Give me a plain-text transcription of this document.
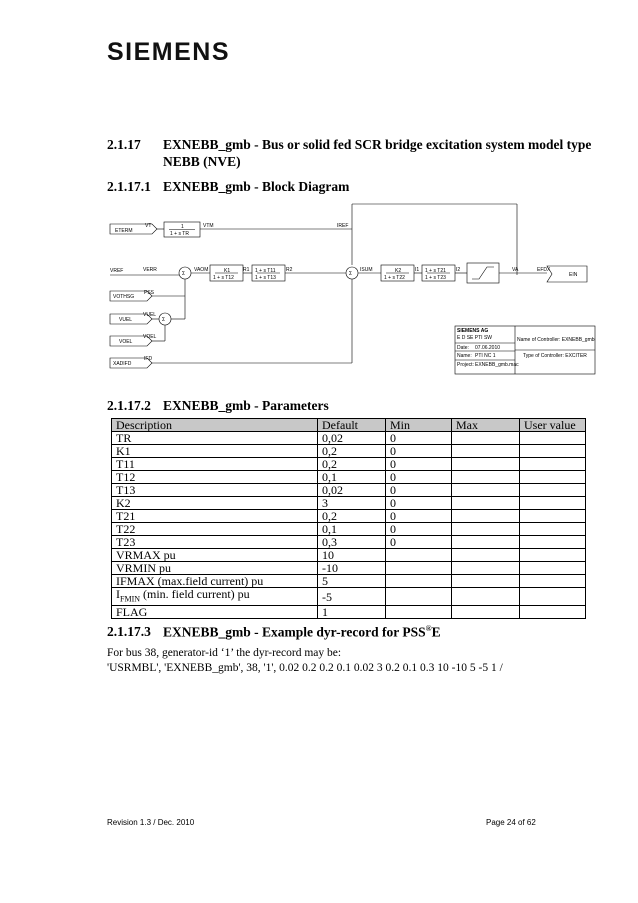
SIEMENS
2.1.17 EXNEBB_gmb - Bus or solid fed SCR bridge excitation system model type NEBB (NVE)
2.1.17.1 EXNEBB_gmb - Block Diagram
ETERM
VT	1
1 + s TR
VTM	IREF
VREF	VERR
Σ
VAOM	K1
1 + s T12
R1 1 + s T11
1 + s T13
R2
Σ
ISUM	K2
1 + s T22
I1 1 + s T21
1 + s T23
I2	VA	EFDX
EIN
PSS
VOTHSG
VUEL
VUEL	Σ
VOEL
VOEL
IFD
XADIFD
SIEMENS AG
E D SE PTI SW
Date: 07.06.2010
Name: PTI NC 1
Project: EXNEBB_gmb.mac
Name of Controller: EXNEBB_gmb
Type of Controller: EXCITER
2.1.17.2 EXNEBB_gmb - Parameters
Description	Default	Min	Max	User value
TR	0,02	0		
K1	0,2	0		
T11	0,2	0		
T12	0,1	0		
T13	0,02	0		
K2	3	0		
T21	0,2	0		
T22	0,1	0		
T23	0,3	0		
VRMAX pu	10			
VRMIN pu	-10			
IFMAX (max.field current) pu	5			
$I_{FMIN}$ (min. field current) pu	-5			
FLAG	1			
2.1.17.3 EXNEBB_gmb - Example dyr-record for PSS®E
For bus 38, generator-id ‘1’ the dyr-record may be:
'USRMBL', 'EXNEBB_gmb', 38, '1', 0.02 0.2 0.2 0.1 0.02 3 0.2 0.1 0.3 10 -10 5 -5 1 /
Revision 1.3 / Dec. 2010	Page 24 of 62
